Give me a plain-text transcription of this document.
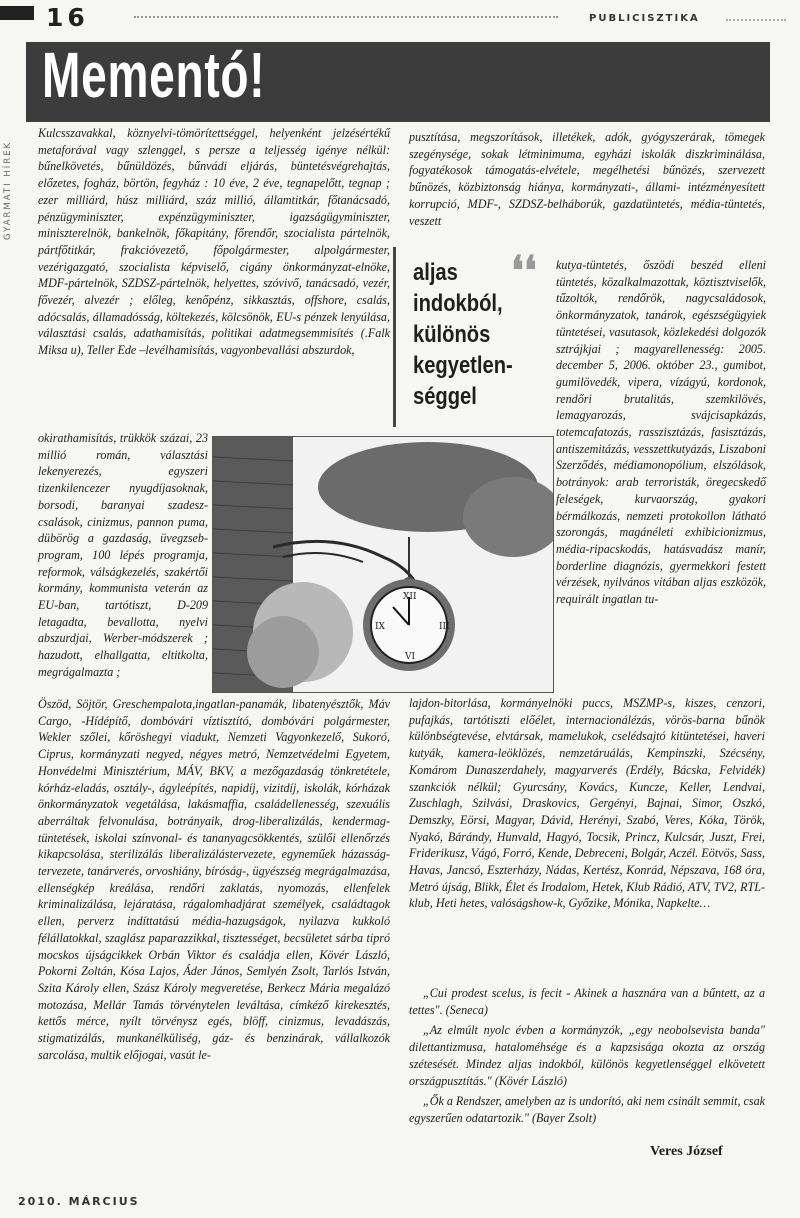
16	PUBLICISZTIKA
GYARMATI HÍREK
Mementó!

Kulcsszavakkal, köznyelvi-tömörítettséggel, helyenként jelzésértékű metaforával vagy szlenggel, s persze a teljesség igénye nélkül: bűnelkövetés, bűnüldözés, bűnvádi eljárás, büntetésvégrehajtás, előzetes, fogház, börtön, fegyház : 10 éve, 2 éve, tegnapelőtt, tegnap ; ezer milliárd, húsz milliárd, száz millió, államtitkár, főtanácsadó, pénzügyminiszter, expénzügyminiszter, igazságügyminiszter, miniszterelnök, bankelnök, főkapitány, főrendőr, szocialista pártelnök, pártfőtitkár, frakcióvezető, főpolgármester, alpolgármester, vezérigazgató, szocialista képviselő, cigány önkormányzat-elnöke, MDF-pártelnök, SZDSZ-pártelnök, helyettes, szóvivő, tanácsadó, vezér, fővezér, alvezér ; előleg, kenőpénz, sikkasztás, offshore, csalás, adócsalás, államadósság, költekezés, kölcsönök, EU-s pénzek lenyúlása, választási csalás, adathamisítás, politikai adatmegsemmisítés (.Falk Miksa u), Teller Ede –levélhamisítás, vagyonbevallási abszurdok,

okirathamisítás, trükkök százai, 23 millió román, választási lekenyerezés, egyszeri tizenkilencezer nyugdíjasoknak, borsodi, baranyai szadesz-csalások, cinizmus, pannon puma, dübörög a gazdaság, üvegzseb-program, 100 lépés programja, reformok, válságkezelés, szakértői kormány, kommunista veterán az EU-ban, tartótiszt, D-209 letagadta, bevallotta, nyelvi abszurdjai, Werber-módszerek ; hazudott, elhallgatta, eltitkolta, megrágalmazta ;

Öszöd, Söjtör, Greschempalota,ingatlan-panamák, libatenyésztők, Máv Cargo, -Hídépítő, dombóvári víztisztító, dombóvári polgármester, Wekler szőlei, kőröshegyi viadukt, Nemzeti Vagyonkezelő, Sukoró, Ciprus, kormányzati negyed, négyes metró, Nemzetvédelmi Egyetem, Honvédelmi Minisztérium, MÁV, BKV, a mezőgazdaság tönkretétele, kórház-eladás, osztály-, ágyleépítés, napidíj, vizitdíj, iskolák, kórházak önkormányzatok vegetálása, lakásmaffia, családellenesség, szexuális aberráltak felvonulása, botrányaik, drog-liberalizálás, kendermag-tüntetések, iskolai színvonal- és tananyagcsökkentés, szülői ellenőrzés kikapcsolása, sterilizálás liberalizálástervezete, egyneműek házasság-tervezete, tanárverés, orvoshiány, bíróság-, ügyészség megrágalmazása, ellenségkép kreálása, rendőri zaklatás, nyomozás, ellenfelek kriminalizálása, lejáratása, rágalomhadjárat személyek, családtagok ellen, perverz indíttatású média-hazugságok, nyilazva kukkoló félállatokkal, szaglász paparazzikkal, tisztességet, becsületet sárba tipró mocskos újságcikkek Orbán Viktor és családja ellen, Kövér László, Pokorni Zoltán, Kósa Lajos, Áder János, Semlyén Zsolt, Tarlós István, Szita Károly ellen, Szász Károly megveretése, Berkecz Mária megalázó motozása, Mellár Tamás törvénytelen leváltása, címkéző kirekesztés, kettős mérce, nyílt törvénysz egés, blöff, cinizmus, levadászás, stigmatizálás, munkanélküliség, gáz- és benzinárak, vállalkozók sarcolása, multik előjogai, vasút le-

pusztítása, megszorítások, illetékek, adók, gyógyszerárak, tömegek szegénysége, sokak létminimuma, egyházi iskolák diszkriminálása, fogyatékosok támogatás-elvétele, megélhetési bűnözés, szervezett bűnözés, közbiztonság hiánya, kormányzati-, állami- intézményesített korrupció, MDF-, SZDSZ-belháborúk, gazdatüntetés, média-tüntetés, veszett

aljas indokból, különös kegyetlen-séggel
❛❛ kutya-tüntetés, őszödi beszéd elleni tüntetés, közalkalmazottak, köztisztviselők, tűzoltók, rendőrök, nagycsaládosok, önkormányzatok, tanárok, egészségügyiek tüntetései, vasutasok, közlekedési dolgozók sztrájkjai ; magyarellenesség: 2005. december 5, 2006. október 23., gumibot, gumilövedék, vipera, vízágyú, kordonok, rendőri brutalitás, szemkilövés, lemagyarozás, svájcisapkázás, totemcafatozás, rasszisztázás, fasisztázás, antiszemitázás, vesszettkutyázás, Liszaboni Szerződés, médiamonopólium, elszólások, botrányok: arab terroristák, öregecskedő feleségek, kurvaország, gyakori bérmálkozás, nemzeti protokollon látható szorongás, magánéleti exhibicionizmus, média-ripacskodás, hatásvadász manír, borderline diagnózis, gyermekkori festett vérzések, nyilvános vitában aljas eszközök, requirált ingatlan tu-

XII
III
VI
IX

lajdon-bitorlása, kormányelnöki puccs, MSZMP-s, kiszes, cenzori, pufajkás, tartótiszti előélet, internacionálézás, vörös-barna bűnök különbségtevése, elvtársak, mamelukok, cselédsajtó kitüntetései, haveri kutyák, kamera-leöklözés, nemzetáruálás, Kempinszki, Szécsény, Komárom Dunaszerdahely, magyarverés (Erdély, Bácska, Felvidék) szankciók nélkül; Gyurcsány, Kovács, Kuncze, Keller, Lendvai, Zuschlagh, Szilvási, Draskovics, Gergényi, Bajnai, Simor, Oszkó, Demszky, Eörsi, Magyar, Dávid, Herényi, Szabó, Veres, Kóka, Török, Nyakó, Bárándy, Hunvald, Hagyó, Tocsik, Princz, Kulcsár, Juszt, Frei, Friderikusz, Vágó, Forró, Kende, Debreceni, Bolgár, Aczél. Eötvös, Sass, Havas, Jancsó, Eszterházy, Nádas, Kertész, Konrád, Népszava, 168 óra, Metró újság, Blikk, Élet és Irodalom, Hetek, Klub Rádió, ATV, TV2, RTL-klub, Heti hetes, valóságshow-k, Győzike, Mónika, Napkelte…

„Cui prodest scelus, is fecit - Akinek a hasznára van a bűntett, az a tettes". (Seneca)

„Az elmúlt nyolc évben a kormányzók, „egy neobolsevista banda" dilettantizmusa, hataloméhsége és a kapzsisága okozta az ország szétesését. Mindez aljas indokból, különös kegyetlenséggel elkövetett országpusztítás." (Kövér László)

„Ők a Rendszer, amelyben az is undorító, aki nem csinált semmit, csak egyszerűen odatartozik." (Bayer Zsolt)

Veres József
2010. MÁRCIUS
